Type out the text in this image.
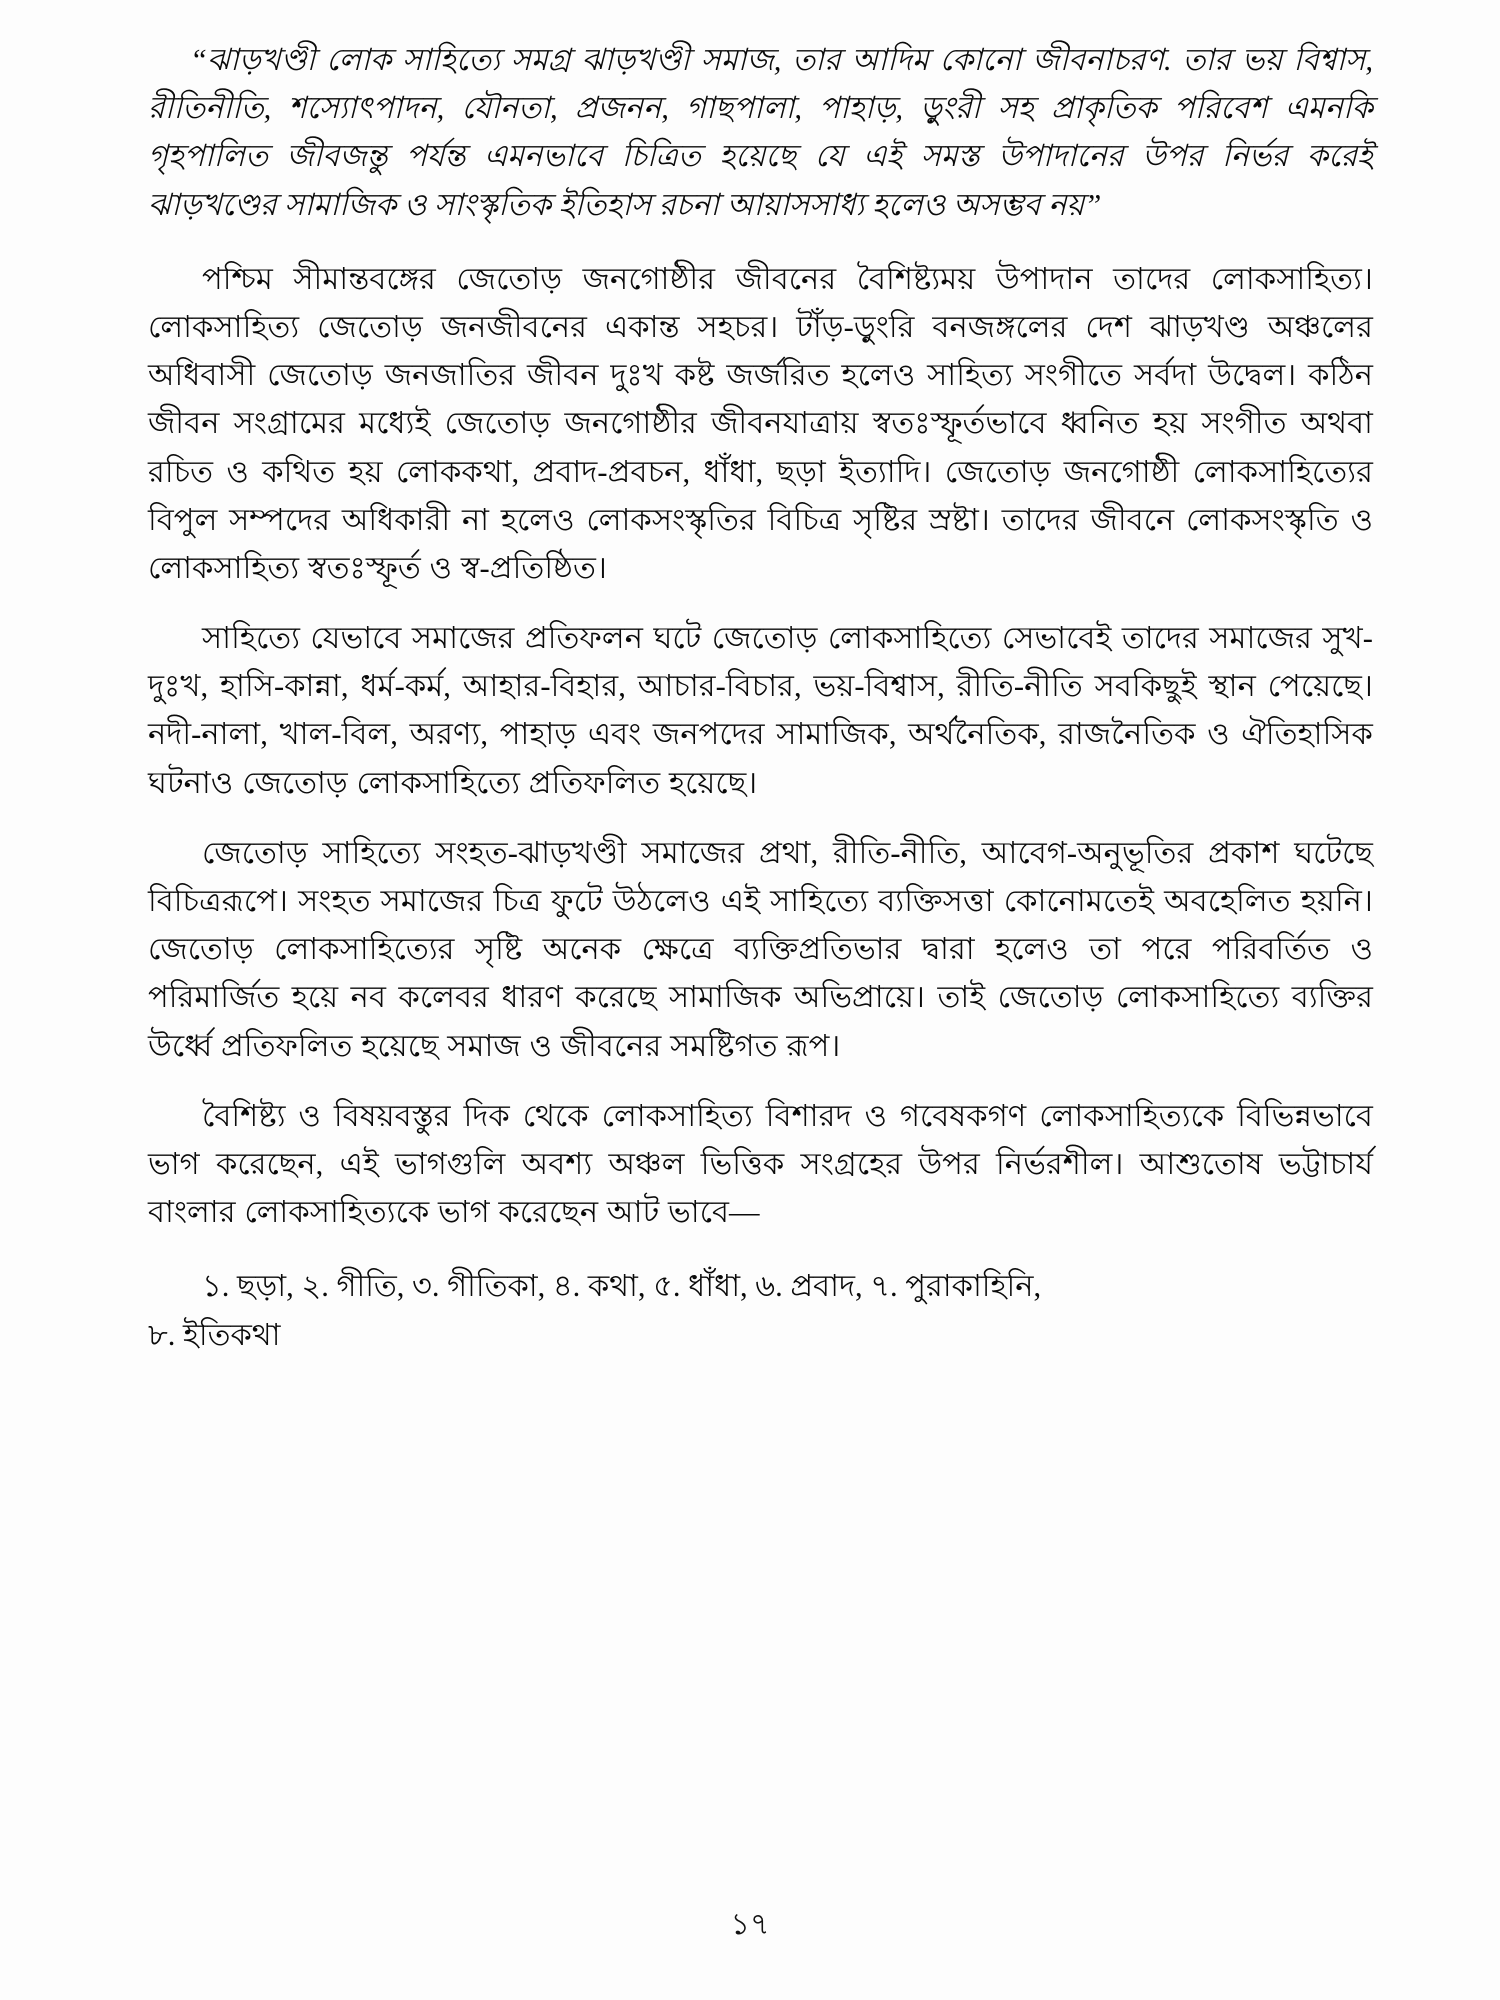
“ঝাড়খণ্ডী লোক সাহিত্যে সমগ্র ঝাড়খণ্ডী সমাজ, তার আদিম কোনো জীবনাচরণ. তার ভয় বিশ্বাস, রীতিনীতি, শস্যোৎপাদন, যৌনতা, প্রজনন, গাছপালা, পাহাড়, ড়ুংরী সহ প্রাকৃতিক পরিবেশ এমনকি গৃহপালিত জীবজন্তু পর্যন্ত এমনভাবে চিত্রিত হয়েছে যে এই সমস্ত উপাদানের উপর নির্ভর করেই ঝাড়খণ্ডের সামাজিক ও সাংস্কৃতিক ইতিহাস রচনা আয়াসসাধ্য হলেও অসম্ভব নয়”

পশ্চিম সীমান্তবঙ্গের জেতোড় জনগোষ্ঠীর জীবনের বৈশিষ্ট্যময় উপাদান তাদের লোকসাহিত্য। লোকসাহিত্য জেতোড় জনজীবনের একান্ত সহচর। টাঁড়-ড়ুংরি বনজঙ্গলের দেশ ঝাড়খণ্ড অঞ্চলের অধিবাসী জেতোড় জনজাতির জীবন দুঃখ কষ্ট জর্জরিত হলেও সাহিত্য সংগীতে সর্বদা উদ্বেল। কঠিন জীবন সংগ্রামের মধ্যেই জেতোড় জনগোষ্ঠীর জীবনযাত্রায় স্বতঃস্ফূর্তভাবে ধ্বনিত হয় সংগীত অথবা রচিত ও কথিত হয় লোককথা, প্রবাদ-প্রবচন, ধাঁধা, ছড়া ইত্যাদি। জেতোড় জনগোষ্ঠী লোকসাহিত্যের বিপুল সম্পদের অধিকারী না হলেও লোকসংস্কৃতির বিচিত্র সৃষ্টির স্রষ্টা। তাদের জীবনে লোকসংস্কৃতি ও লোকসাহিত্য স্বতঃস্ফূর্ত ও স্ব-প্রতিষ্ঠিত।

সাহিত্যে যেভাবে সমাজের প্রতিফলন ঘটে জেতোড় লোকসাহিত্যে সেভাবেই তাদের সমাজের সুখ-দুঃখ, হাসি-কান্না, ধর্ম-কর্ম, আহার-বিহার, আচার-বিচার, ভয়-বিশ্বাস, রীতি-নীতি সবকিছুই স্থান পেয়েছে। নদী-নালা, খাল-বিল, অরণ্য, পাহাড় এবং জনপদের সামাজিক, অর্থনৈতিক, রাজনৈতিক ও ঐতিহাসিক ঘটনাও জেতোড় লোকসাহিত্যে প্রতিফলিত হয়েছে।

জেতোড় সাহিত্যে সংহত-ঝাড়খণ্ডী সমাজের প্রথা, রীতি-নীতি, আবেগ-অনুভূতির প্রকাশ ঘটেছে বিচিত্ররূপে। সংহত সমাজের চিত্র ফুটে উঠলেও এই সাহিত্যে ব্যক্তিসত্তা কোনোমতেই অবহেলিত হয়নি। জেতোড় লোকসাহিত্যের সৃষ্টি অনেক ক্ষেত্রে ব্যক্তিপ্রতিভার দ্বারা হলেও তা পরে পরিবর্তিত ও পরিমার্জিত হয়ে নব কলেবর ধারণ করেছে সামাজিক অভিপ্রায়ে। তাই জেতোড় লোকসাহিত্যে ব্যক্তির উর্ধ্বে প্রতিফলিত হয়েছে সমাজ ও জীবনের সমষ্টিগত রূপ।

বৈশিষ্ট্য ও বিষয়বস্তুর দিক থেকে লোকসাহিত্য বিশারদ ও গবেষকগণ লোকসাহিত্যকে বিভিন্নভাবে ভাগ করেছেন, এই ভাগগুলি অবশ্য অঞ্চল ভিত্তিক সংগ্রহের উপর নির্ভরশীল। আশুতোষ ভট্টাচার্য বাংলার লোকসাহিত্যকে ভাগ করেছেন আট ভাবে—

১. ছড়া, ২. গীতি, ৩. গীতিকা, ৪. কথা, ৫. ধাঁধা, ৬. প্রবাদ, ৭. পুরাকাহিনি,

৮. ইতিকথা

১৭
